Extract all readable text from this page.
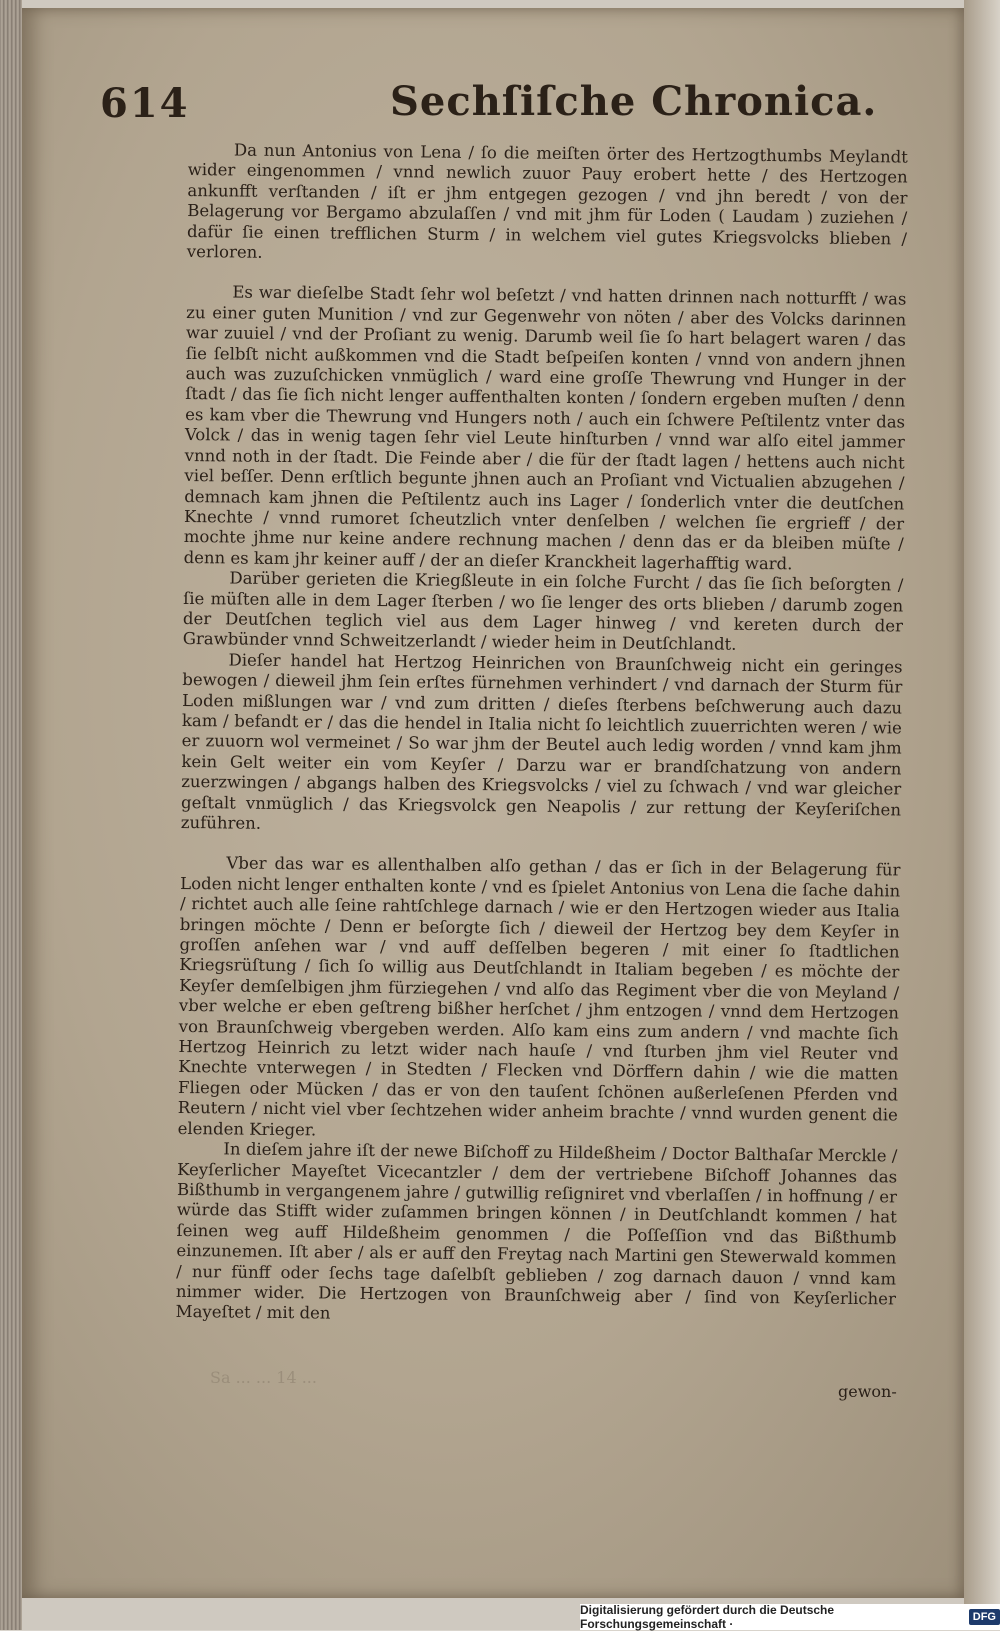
614	Sechſiſche Chronica.

Da nun Antonius von Lena / ſo die meiſten örter des Hertzogthumbs Meylandt wider eingenommen / vnnd newlich zuuor Pauy erobert hette / des Hertzogen ankunfft verſtanden / iſt er jhm entgegen gezogen / vnd jhn beredt / von der Belagerung vor Bergamo abzulaſſen / vnd mit jhm für Loden ( Laudam ) zuziehen / dafür ſie einen trefflichen Sturm / in welchem viel gutes Kriegsvolcks blieben / verloren.

Es war dieſelbe Stadt ſehr wol beſetzt / vnd hatten drinnen nach notturfft / was zu einer guten Munition / vnd zur Gegenwehr von nöten / aber des Volcks darinnen war zuuiel / vnd der Proſiant zu wenig. Darumb weil ſie ſo hart belagert waren / das ſie ſelbſt nicht außkommen vnd die Stadt beſpeiſen konten / vnnd von andern jhnen auch was zuzuſchicken vnmüglich / ward eine groſſe Thewrung vnd Hunger in der ſtadt / das ſie ſich nicht lenger auffenthalten konten / ſondern ergeben muſten / denn es kam vber die Thewrung vnd Hungers noth / auch ein ſchwere Peſtilentz vnter das Volck / das in wenig tagen ſehr viel Leute hinſturben / vnnd war alſo eitel jammer vnnd noth in der ſtadt. Die Feinde aber / die für der ſtadt lagen / hettens auch nicht viel beſſer. Denn erſtlich begunte jhnen auch an Proſiant vnd Victualien abzugehen / demnach kam jhnen die Peſtilentz auch ins Lager / ſonderlich vnter die deutſchen Knechte / vnnd rumoret ſcheutzlich vnter denſelben / welchen ſie ergrieff / der mochte jhme nur keine andere rechnung machen / denn das er da bleiben müſte / denn es kam jhr keiner auff / der an dieſer Kranckheit lagerhafftig ward.

Darüber gerieten die Kriegßleute in ein ſolche Furcht / das ſie ſich beſorgten / ſie müſten alle in dem Lager ſterben / wo ſie lenger des orts blieben / darumb zogen der Deutſchen teglich viel aus dem Lager hinweg / vnd kereten durch der Grawbünder vnnd Schweitzerlandt / wieder heim in Deutſchlandt.

Dieſer handel hat Hertzog Heinrichen von Braunſchweig nicht ein geringes bewogen / dieweil jhm ſein erſtes fürnehmen verhindert / vnd darnach der Sturm für Loden mißlungen war / vnd zum dritten / dieſes ſterbens beſchwerung auch dazu kam / befandt er / das die hendel in Italia nicht ſo leichtlich zuuerrichten weren / wie er zuuorn wol vermeinet / So war jhm der Beutel auch ledig worden / vnnd kam jhm kein Gelt weiter ein vom Keyſer / Darzu war er brandſchatzung von andern zuerzwingen / abgangs halben des Kriegsvolcks / viel zu ſchwach / vnd war gleicher geſtalt vnmüglich / das Kriegsvolck gen Neapolis / zur rettung der Keyſeriſchen zuführen.

Vber das war es allenthalben alſo gethan / das er ſich in der Belagerung für Loden nicht lenger enthalten konte / vnd es ſpielet Antonius von Lena die ſache dahin / richtet auch alle ſeine rahtſchlege darnach / wie er den Hertzogen wieder aus Italia bringen möchte / Denn er beſorgte ſich / dieweil der Hertzog bey dem Keyſer in groſſen anſehen war / vnd auff deſſelben begeren / mit einer ſo ſtadtlichen Kriegsrüſtung / ſich ſo willig aus Deutſchlandt in Italiam begeben / es möchte der Keyſer demſelbigen jhm fürziegehen / vnd alſo das Regiment vber die von Meyland / vber welche er eben geſtreng bißher herſchet / jhm entzogen / vnnd dem Hertzogen von Braunſchweig vbergeben werden. Alſo kam eins zum andern / vnd machte ſich Hertzog Heinrich zu letzt wider nach hauſe / vnd ſturben jhm viel Reuter vnd Knechte vnterwegen / in Stedten / Flecken vnd Dörffern dahin / wie die matten Fliegen oder Mücken / das er von den tauſent ſchönen außerleſenen Pferden vnd Reutern / nicht viel vber ſechtzehen wider anheim brachte / vnnd wurden genent die elenden Krieger.

In dieſem jahre iſt der newe Biſchoff zu Hildeßheim / Doctor Balthaſar Merckle / Keyſerlicher Mayeſtet Vicecantzler / dem der vertriebene Biſchoff Johannes das Bißthumb in vergangenem jahre / gutwillig reſigniret vnd vberlaſſen / in hoffnung / er würde das Stifft wider zuſammen bringen können / in Deutſchlandt kommen / hat ſeinen weg auff Hildeßheim genommen / die Poſſeſſion vnd das Bißthumb einzunemen. Iſt aber / als er auff den Freytag nach Martini gen Stewerwald kommen / nur fünff oder ſechs tage daſelbſt geblieben / zog darnach dauon / vnnd kam nimmer wider. Die Hertzogen von Braunſchweig aber / ſind von Keyſerlicher Mayeſtet / mit den

Sa ... ... 14 ...
gewon-
Digitalisierung gefördert durch die Deutsche Forschungsgemeinschaft ·	DFG
